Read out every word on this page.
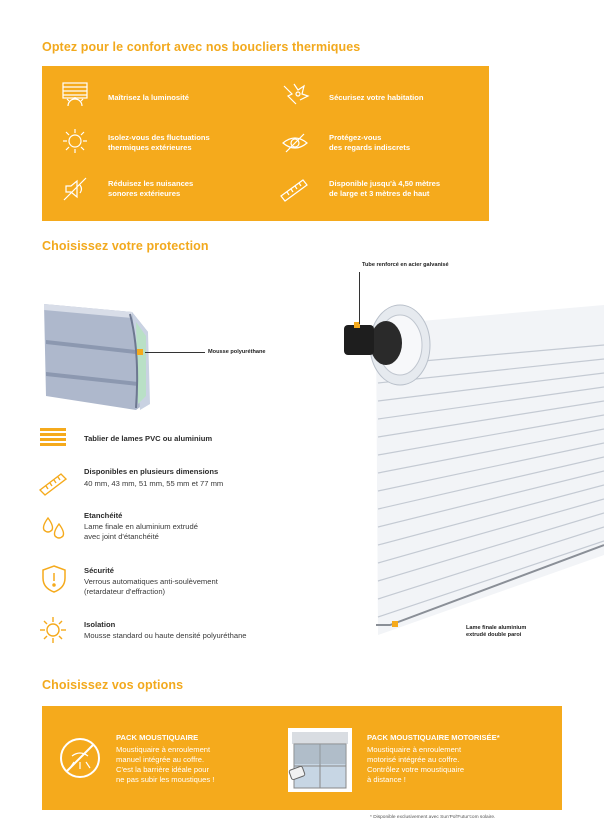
Optez pour le confort avec nos boucliers thermiques
Maîtrisez la luminosité	Sécurisez votre habitation
Isolez-vous des fluctuations
thermiques extérieures
Protégez-vous
des regards indiscrets
Réduisez les nuisances
sonores extérieures
Disponible jusqu'à 4,50 mètres
de large et 3 mètres de haut
Choisissez votre protection
Mousse polyuréthane
Tube renforcé en acier galvanisé
Lame finale aluminium
extrudé double paroi
Tablier de lames PVC ou aluminium
Disponibles en plusieurs dimensions
40 mm, 43 mm, 51 mm, 55 mm et 77 mm
Etanchéité
Lame finale en aluminium extrudé
avec joint d'étanchéité
Sécurité
Verrous automatiques anti-soulèvement
(retardateur d'effraction)
Isolation
Mousse standard ou haute densité polyuréthane
Choisissez vos options
PACK MOUSTIQUAIRE
Moustiquaire à enroulement
manuel intégrée au coffre.
C'est la barrière idéale pour
ne pas subir les moustiques !
PACK MOUSTIQUAIRE MOTORISÉE*
Moustiquaire à enroulement
motorisé intégrée au coffre.
Contrôlez votre moustiquaire
à distance !
* Disponible exclusivement avec Sun'Pol'Futur'com solaire.
